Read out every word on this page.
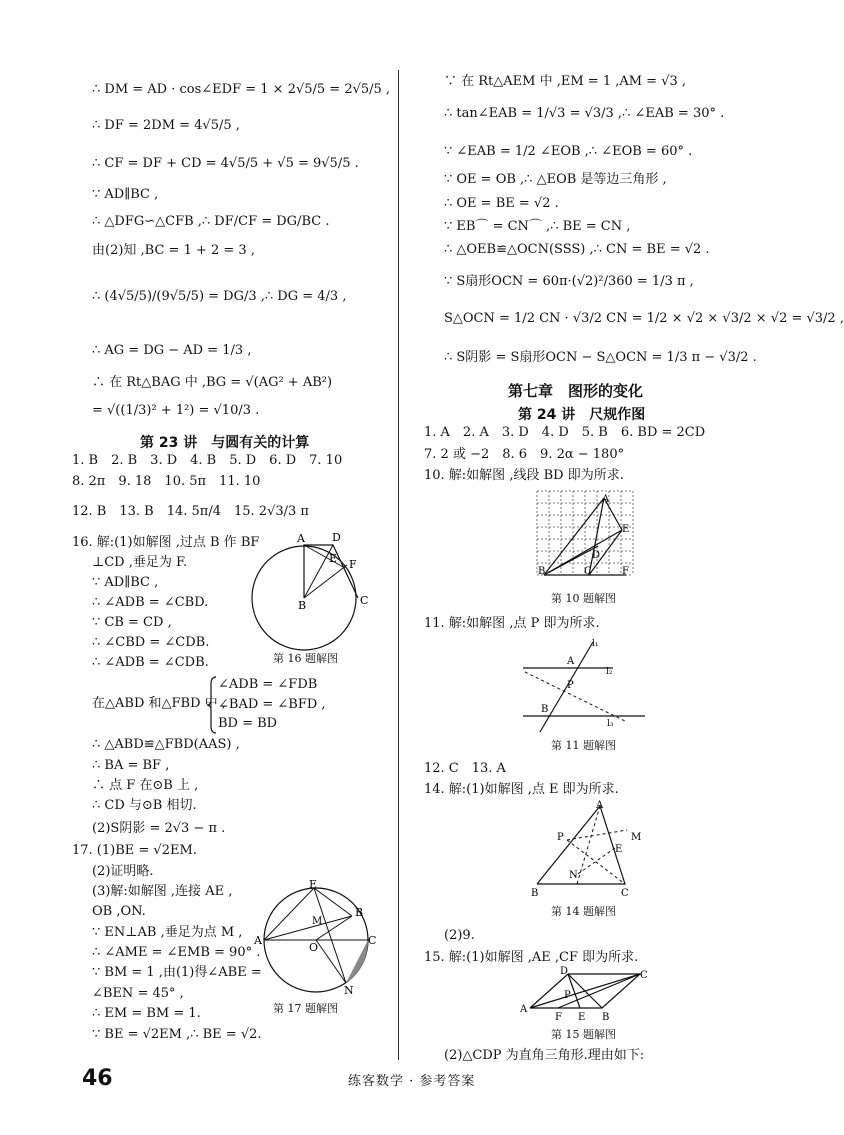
∴ DM = AD · cos∠EDF = 1 × 2√5/5 = 2√5/5 ,
∴ DF = 2DM = 4√5/5 ,
∴ CF = DF + CD = 4√5/5 + √5 = 9√5/5 .
∵ AD∥BC ,
∴ △DFG∽△CFB ,∴ DF/CF = DG/BC .
由(2)知 ,BC = 1 + 2 = 3 ,
∴ (4√5/5)/(9√5/5) = DG/3 ,∴ DG = 4/3 ,
∴ AG = DG − AD = 1/3 ,
∴ 在 Rt△BAG 中 ,BG = √(AG² + AB²)
= √((1/3)² + 1²) = √10/3 .
第 23 讲　与圆有关的计算
1. B　2. B　3. D　4. B　5. D　6. D　7. 10
8. 2π　9. 18　10. 5π　11. 10
12. B　13. B　14. 5π/4　15. 2√3/3 π
16. 解:(1)如解图 ,过点 B 作 BF
⊥CD ,垂足为 F.
∵ AD∥BC ,
∴ ∠ADB = ∠CBD.
∵ CB = CD ,
∴ ∠CBD = ∠CDB.
∴ ∠ADB = ∠CDB.
∠ADB = ∠FDB
在△ABD 和△FBD 中 ,
∠BAD = ∠BFD ,
BD = BD
∴ △ABD≌△FBD(AAS) ,
∴ BA = BF ,
∴ 点 F 在⊙B 上 ,
∴ CD 与⊙B 相切.
(2)S阴影 = 2√3 − π .
17. (1)BE = √2EM.
(2)证明略.
(3)解:如解图 ,连接 AE ,
OB ,ON.
∵ EN⊥AB ,垂足为点 M ,
∴ ∠AME = ∠EMB = 90° .
∵ BM = 1 ,由(1)得∠ABE =
∠BEN = 45° ,
∴ EM = BM = 1.
∵ BE = √2EM ,∴ BE = √2.
A D
E F
B	C
第 16 题解图
E
B
M
O
A	C
N
第 17 题解图
∵ 在 Rt△AEM 中 ,EM = 1 ,AM = √3 ,
∴ tan∠EAB = 1/√3 = √3/3 ,∴ ∠EAB = 30° .
∵ ∠EAB = 1/2 ∠EOB ,∴ ∠EOB = 60° .
∵ OE = OB ,∴ △EOB 是等边三角形 ,
∴ OE = BE = √2 .
∵ EB⌒ = CN⌒ ,∴ BE = CN ,
∴ △OEB≌△OCN(SSS) ,∴ CN = BE = √2 .
∵ S扇形OCN = 60π·(√2)²/360 = 1/3 π ,
S△OCN = 1/2 CN · √3/2 CN = 1/2 × √2 × √3/2 × √2 = √3/2 ,
∴ S阴影 = S扇形OCN − S△OCN = 1/3 π − √3/2 .
第七章　图形的变化
第 24 讲　尺规作图
1. A　2. A　3. D　4. D　5. B　6. BD = 2CD
7. 2 或 −2　8. 6　9. 2α − 180°
10. 解:如解图 ,线段 BD 即为所求.
11. 解:如解图 ,点 P 即为所求.
12. C　13. A
14. 解:(1)如解图 ,点 E 即为所求.
(2)9.
15. 解:(1)如解图 ,AE ,CF 即为所求.
(2)△CDP 为直角三角形.理由如下:
A
D
E
B	C	F
第 10 题解图
l₁
l₂
l₃
A
P
B
第 11 题解图
A
P	M
E
N
B	C
第 14 题解图
D	C
P
A
F E B
第 15 题解图
46	练客数学 · 参考答案
